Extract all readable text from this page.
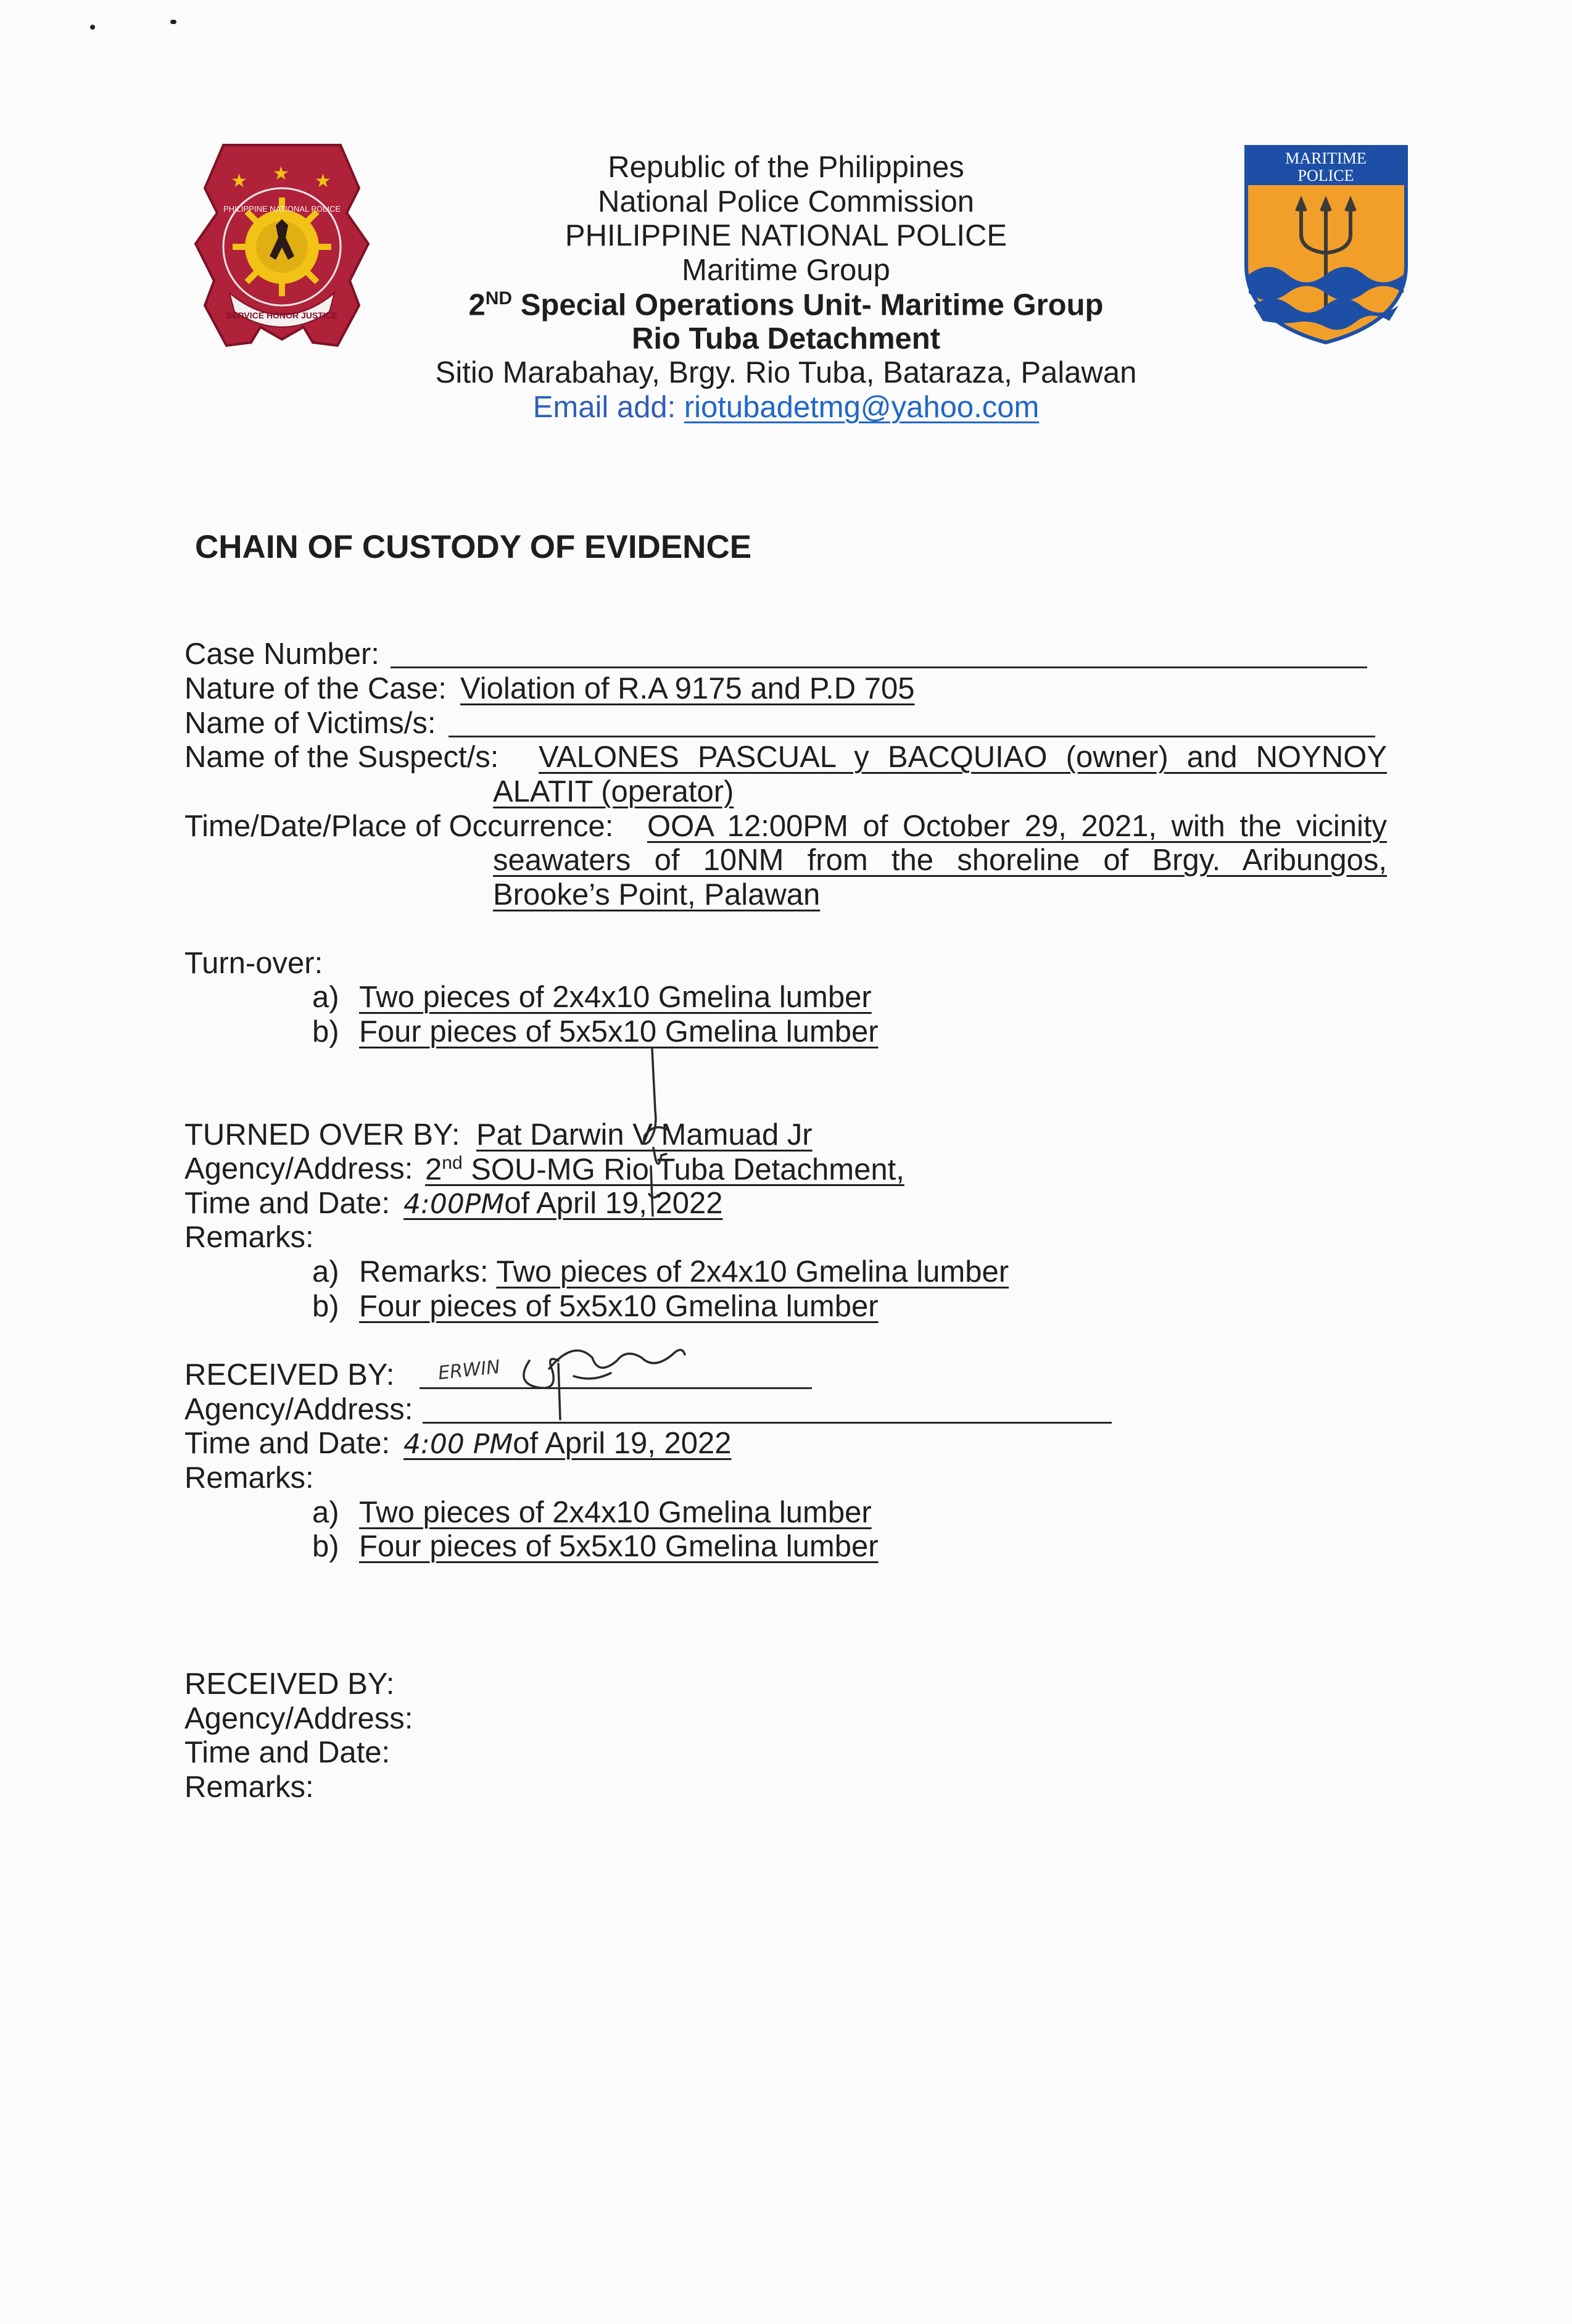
★ ★ ★
SERVICE HONOR JUSTICE
PHILIPPINE NATIONAL POLICE
MARITIME
POLICE
Republic of the Philippines
National Police Commission
PHILIPPINE NATIONAL POLICE
Maritime Group
2ND Special Operations Unit- Maritime Group
Rio Tuba Detachment
Sitio Marabahay, Brgy. Rio Tuba, Bataraza, Palawan
Email add: riotubadetmg@yahoo.com
CHAIN OF CUSTODY OF EVIDENCE
Case Number:
Nature of the Case: Violation of R.A 9175 and P.D 705
Name of Victims/s:
Name of the Suspect/s: VALONES PASCUAL y BACQUIAO (owner) and NOYNOY
ALATIT (operator)
Time/Date/Place of Occurrence: OOA 12:00PM of October 29, 2021, with the vicinity
seawaters of 10NM from the shoreline of Brgy. Aribungos,
Brooke’s Point, Palawan
Turn-over:
a) Two pieces of 2x4x10 Gmelina lumber
b) Four pieces of 5x5x10 Gmelina lumber
TURNED OVER BY: Pat Darwin V Mamuad Jr
Agency/Address: 2nd SOU-MG Rio Tuba Detachment,
Time and Date: 4:00PMof April 19, 2022
Remarks:
a) Remarks: Two pieces of 2x4x10 Gmelina lumber
b) Four pieces of 5x5x10 Gmelina lumber
RECEIVED BY: ERWIN
Agency/Address:
Time and Date: 4:00 PMof April 19, 2022
Remarks:
a) Two pieces of 2x4x10 Gmelina lumber
b) Four pieces of 5x5x10 Gmelina lumber
RECEIVED BY:
Agency/Address:
Time and Date:
Remarks:
